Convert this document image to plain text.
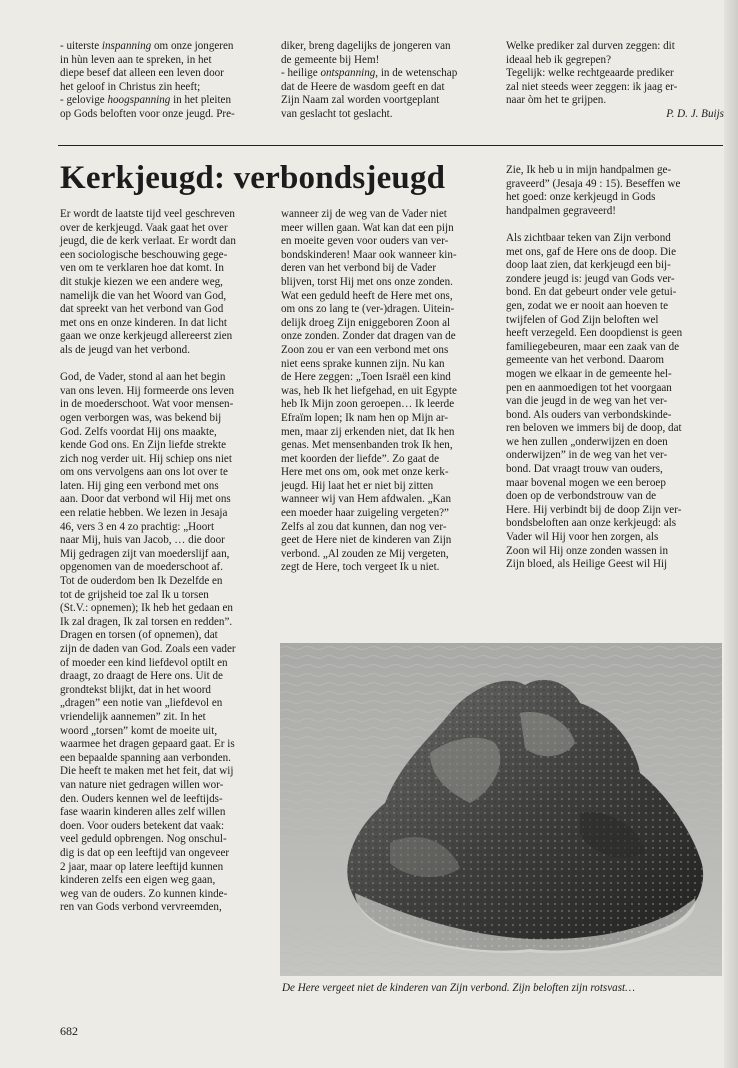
- uiterste inspanning om onze jongeren
in hùn leven aan te spreken, in het
diepe besef dat alleen een leven door
het geloof in Christus zin heeft;
- gelovige hoogspanning in het pleiten
op Gods beloften voor onze jeugd. Pre-
diker, breng dagelijks de jongeren van
de gemeente bij Hem!
- heilige ontspanning, in de wetenschap
dat de Heere de wasdom geeft en dat
Zijn Naam zal worden voortgeplant
van geslacht tot geslacht.
Welke prediker zal durven zeggen: dit
ideaal heb ik gegrepen?
Tegelijk: welke rechtgeaarde prediker
zal niet steeds weer zeggen: ik jaag er-
naar òm het te grijpen.
P. D. J. Buijs
Kerkjeugd: verbondsjeugd

Er wordt de laatste tijd veel geschreven
over de kerkjeugd. Vaak gaat het over
jeugd, die de kerk verlaat. Er wordt dan
een sociologische beschouwing gege-
ven om te verklaren hoe dat komt. In
dit stukje kiezen we een andere weg,
namelijk die van het Woord van God,
dat spreekt van het verbond van God
met ons en onze kinderen. In dat licht
gaan we onze kerkjeugd allereerst zien
als de jeugd van het verbond.

God, de Vader, stond al aan het begin
van ons leven. Hij formeerde ons leven
in de moederschoot. Wat voor mensen-
ogen verborgen was, was bekend bij
God. Zelfs voordat Hij ons maakte,
kende God ons. En Zijn liefde strekte
zich nog verder uit. Hij schiep ons niet
om ons vervolgens aan ons lot over te
laten. Hij ging een verbond met ons
aan. Door dat verbond wil Hij met ons
een relatie hebben. We lezen in Jesaja
46, vers 3 en 4 zo prachtig: „Hoort
naar Mij, huis van Jacob, … die door
Mij gedragen zijt van moederslijf aan,
opgenomen van de moederschoot af.
Tot de ouderdom ben Ik Dezelfde en
tot de grijsheid toe zal Ik u torsen
(St.V.: opnemen); Ik heb het gedaan en
Ik zal dragen, Ik zal torsen en redden”.
Dragen en torsen (of opnemen), dat
zijn de daden van God. Zoals een vader
of moeder een kind liefdevol optilt en
draagt, zo draagt de Here ons. Uit de
grondtekst blijkt, dat in het woord
„dragen” een notie van „liefdevol en
vriendelijk aannemen” zit. In het
woord „torsen” komt de moeite uit,
waarmee het dragen gepaard gaat. Er is
een bepaalde spanning aan verbonden.
Die heeft te maken met het feit, dat wij
van nature niet gedragen willen wor-
den. Ouders kennen wel de leeftijds-
fase waarin kinderen alles zelf willen
doen. Voor ouders betekent dat vaak:
veel geduld opbrengen. Nog onschul-
dig is dat op een leeftijd van ongeveer
2 jaar, maar op latere leeftijd kunnen
kinderen zelfs een eigen weg gaan,
weg van de ouders. Zo kunnen kinde-
ren van Gods verbond vervreemden,

wanneer zij de weg van de Vader niet
meer willen gaan. Wat kan dat een pijn
en moeite geven voor ouders van ver-
bondskinderen! Maar ook wanneer kin-
deren van het verbond bij de Vader
blijven, torst Hij met ons onze zonden.
Wat een geduld heeft de Here met ons,
om ons zo lang te (ver-)dragen. Uitein-
delijk droeg Zijn eniggeboren Zoon al
onze zonden. Zonder dat dragen van de
Zoon zou er van een verbond met ons
niet eens sprake kunnen zijn. Nu kan
de Here zeggen: „Toen Israël een kind
was, heb Ik het liefgehad, en uit Egypte
heb Ik Mijn zoon geroepen… Ik leerde
Efraïm lopen; Ik nam hen op Mijn ar-
men, maar zij erkenden niet, dat Ik hen
genas. Met mensenbanden trok Ik hen,
met koorden der liefde”. Zo gaat de
Here met ons om, ook met onze kerk-
jeugd. Hij laat het er niet bij zitten
wanneer wij van Hem afdwalen. „Kan
een moeder haar zuigeling vergeten?”
Zelfs al zou dat kunnen, dan nog ver-
geet de Here niet de kinderen van Zijn
verbond. „Al zouden ze Mij vergeten,
zegt de Here, toch vergeet Ik u niet.

Zie, Ik heb u in mijn handpalmen ge-
graveerd” (Jesaja 49 : 15). Beseffen we
het goed: onze kerkjeugd in Gods
handpalmen gegraveerd!

Als zichtbaar teken van Zijn verbond
met ons, gaf de Here ons de doop. Die
doop laat zien, dat kerkjeugd een bij-
zondere jeugd is: jeugd van Gods ver-
bond. En dat gebeurt onder vele getui-
gen, zodat we er nooit aan hoeven te
twijfelen of God Zijn beloften wel
heeft verzegeld. Een doopdienst is geen
familiegebeuren, maar een zaak van de
gemeente van het verbond. Daarom
mogen we elkaar in de gemeente hel-
pen en aanmoedigen tot het voorgaan
van die jeugd in de weg van het ver-
bond. Als ouders van verbondskinde-
ren beloven we immers bij de doop, dat
we hen zullen „onderwijzen en doen
onderwijzen” in de weg van het ver-
bond. Dat vraagt trouw van ouders,
maar bovenal mogen we een beroep
doen op de verbondstrouw van de
Here. Hij verbindt bij de doop Zijn ver-
bondsbeloften aan onze kerkjeugd: als
Vader wil Hij voor hen zorgen, als
Zoon wil Hij onze zonden wassen in
Zijn bloed, als Heilige Geest wil Hij

De Here vergeet niet de kinderen van Zijn verbond. Zijn beloften zijn rotsvast…
682
